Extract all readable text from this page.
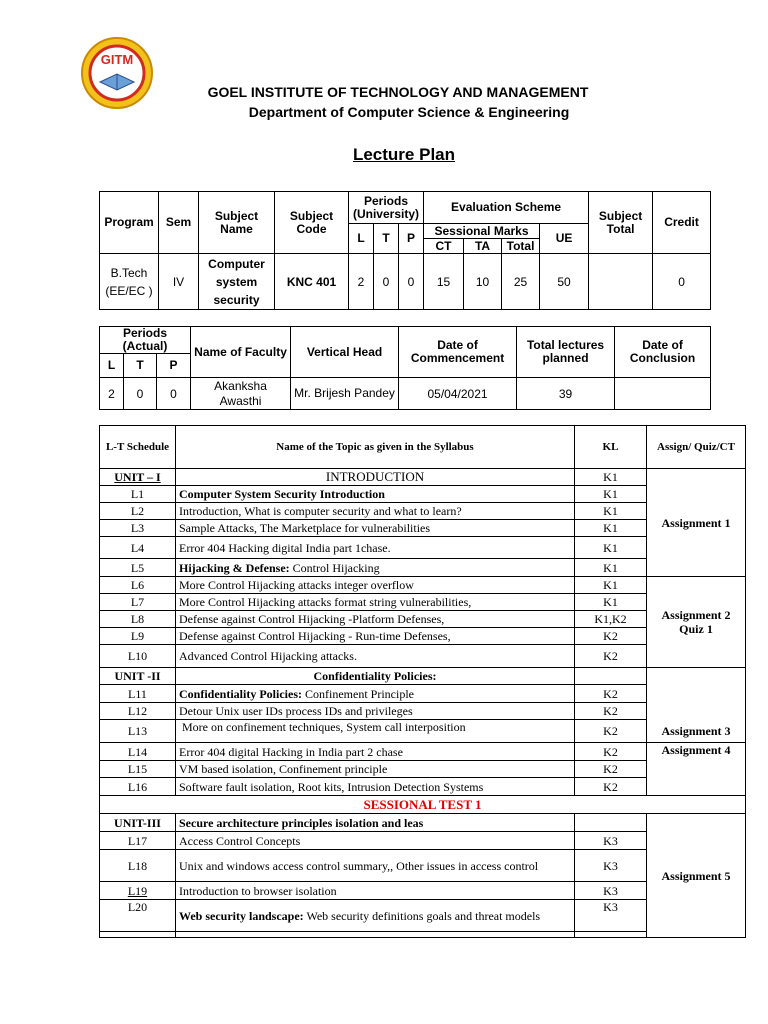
GITM
GOEL INSTITUTE OF TECHNOLOGY AND MANAGEMENT
Department of Computer Science & Engineering
Lecture Plan
Program	Sem	Subject Name	Subject Code	Periods (University)			Evaluation Scheme				Subject Total	Credit
				L	T	P	Sessional Marks			UE		
							CT	TA	Total			
B.Tech (EE/EC )	IV	Computer system security	KNC 401	2	0	0	15	10	25	50		0
Periods (Actual)			Name of Faculty	Vertical Head	Date of Commencement	Total lectures planned	Date of Conclusion
L	T	P					
2	0	0	Akanksha Awasthi	Mr. Brijesh Pandey	05/04/2021	39	
L-T Schedule	Name of the Topic as given in the Syllabus	KL	Assign/ Quiz/CT
UNIT – I	INTRODUCTION	K1	Assignment 1
L1	Computer System Security Introduction	K1	
L2	Introduction, What is computer security and what to learn?	K1	
L3	Sample Attacks, The Marketplace for vulnerabilities	K1	
L4	Error 404 Hacking digital India part 1chase.	K1	
L5	Hijacking & Defense: Control Hijacking	K1	
L6	More Control Hijacking attacks integer overflow	K1	Assignment 2
Quiz 1
L7	More Control Hijacking attacks format string vulnerabilities,	K1	
L8	Defense against Control Hijacking -Platform Defenses,	K1,K2	
L9	Defense against Control Hijacking - Run-time Defenses,	K2	
L10	Advanced Control Hijacking attacks.	K2	
UNIT -II	Confidentiality Policies:		Assignment 3
L11	Confidentiality Policies: Confinement Principle	K2	
L12	Detour Unix user IDs process IDs and privileges	K2	
L13	More on confinement techniques, System call interposition	K2	
L14	Error 404 digital Hacking in India part 2 chase	K2	Assignment 4
L15	VM based isolation, Confinement principle	K2	
L16	Software fault isolation, Root kits, Intrusion Detection Systems	K2	
SESSIONAL TEST 1			
UNIT-III	Secure architecture principles isolation and leas		Assignment 5
L17	Access Control Concepts	K3	
L18	Unix and windows access control summary,, Other issues in access control	K3	
L19	Introduction to browser isolation	K3	
L20	Web security landscape: Web security definitions goals and threat models	K3	
